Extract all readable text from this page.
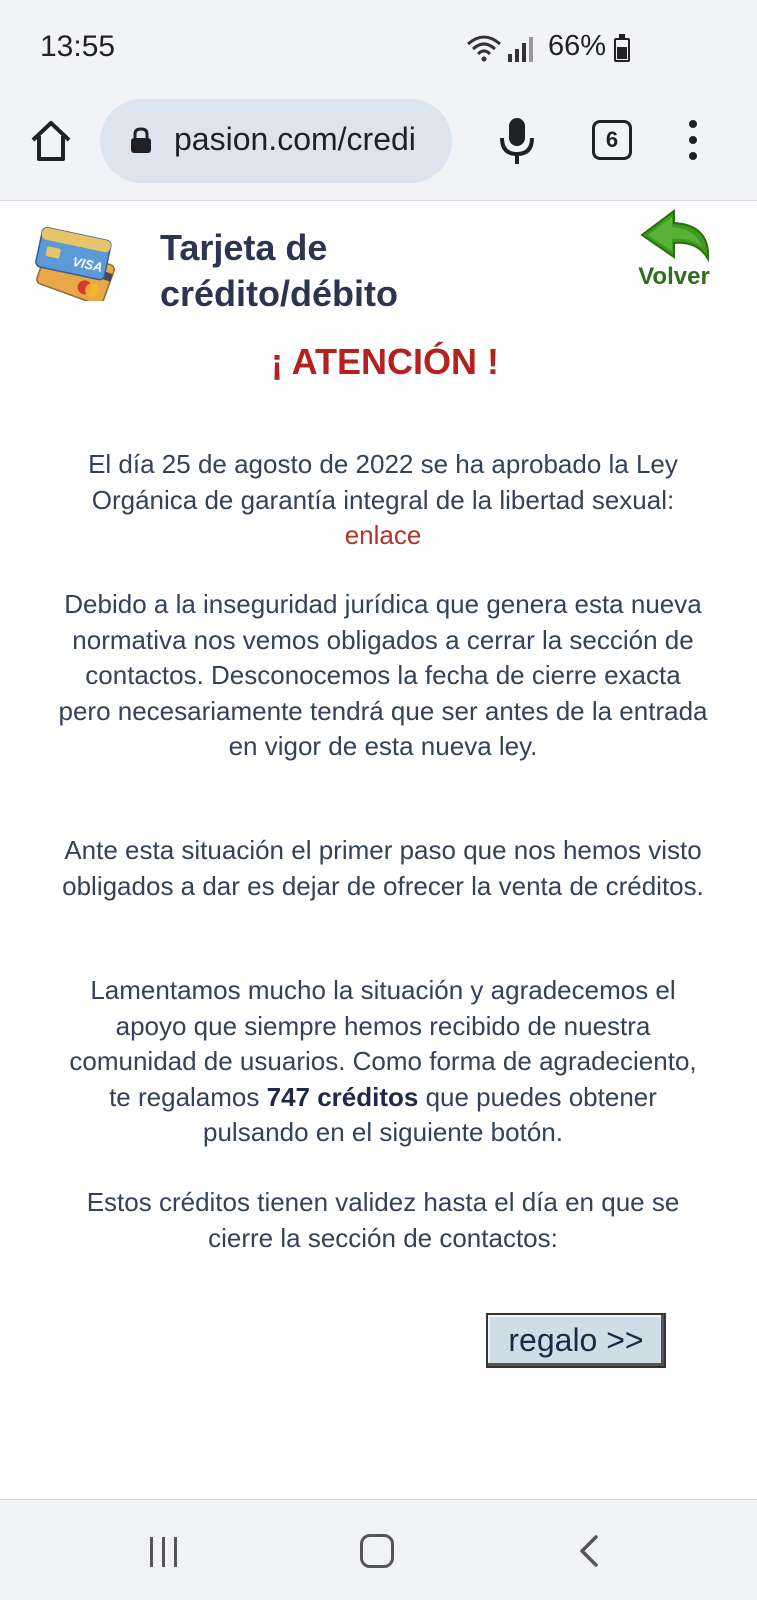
13:55	66%
pasion.com/credi	6
VISA Tarjeta de crédito/débito	Volver
¡ ATENCIÓN !

El día 25 de agosto de 2022 se ha aprobado la Ley Orgánica de garantía integral de la libertad sexual: enlace

Debido a la inseguridad jurídica que genera esta nueva normativa nos vemos obligados a cerrar la sección de contactos. Desconocemos la fecha de cierre exacta pero necesariamente tendrá que ser antes de la entrada en vigor de esta nueva ley.

Ante esta situación el primer paso que nos hemos visto obligados a dar es dejar de ofrecer la venta de créditos.

Lamentamos mucho la situación y agradecemos el apoyo que siempre hemos recibido de nuestra comunidad de usuarios. Como forma de agradeciento, te regalamos 747 créditos que puedes obtener pulsando en el siguiente botón.

Estos créditos tienen validez hasta el día en que se cierre la sección de contactos:

regalo >>
